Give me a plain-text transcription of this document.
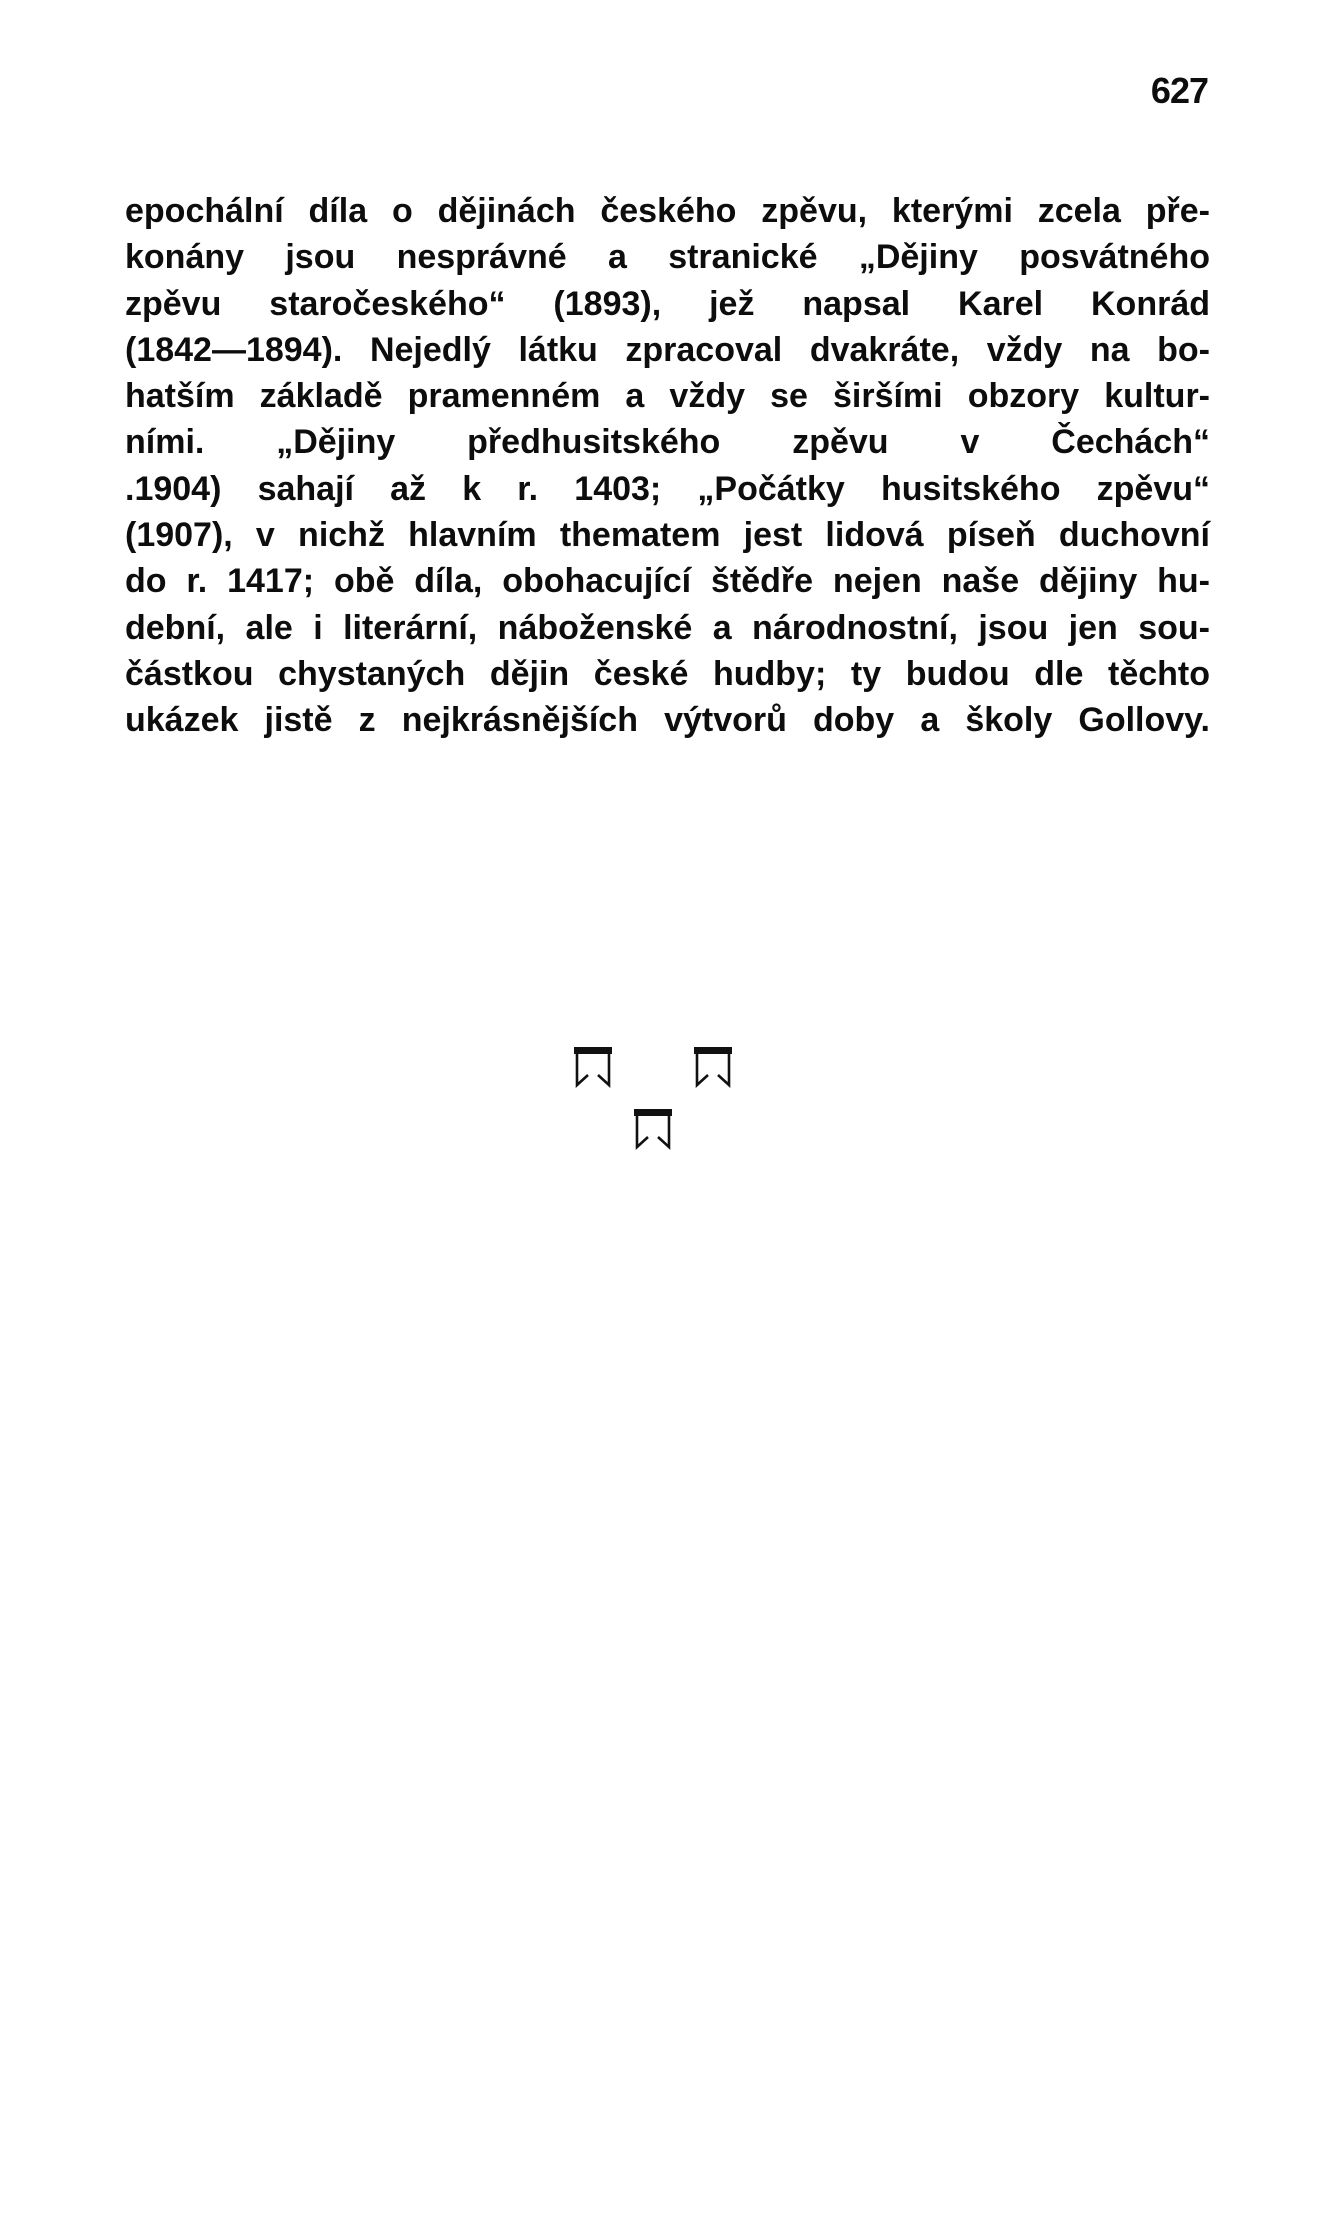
627
epochální díla o dějinách českého zpěvu, kterými zcela pře-
konány jsou nesprávné a stranické „Dějiny posvátného
zpěvu staročeského“ (1893), jež napsal Karel Konrád
(1842—1894). Nejedlý látku zpracoval dvakráte, vždy na bo-
hatším základě pramenném a vždy se širšími obzory kultur-
ními. „Dějiny předhusitského zpěvu v Čechách“
.1904) sahají až k r. 1403; „Počátky husitského zpěvu“
(1907), v nichž hlavním thematem jest lidová píseň duchovní
do r. 1417; obě díla, obohacující štědře nejen naše dějiny hu-
dební, ale i literární, náboženské a národnostní, jsou jen sou-
částkou chystaných dějin české hudby; ty budou dle těchto
ukázek jistě z nejkrásnějších výtvorů doby a školy Gollovy.
